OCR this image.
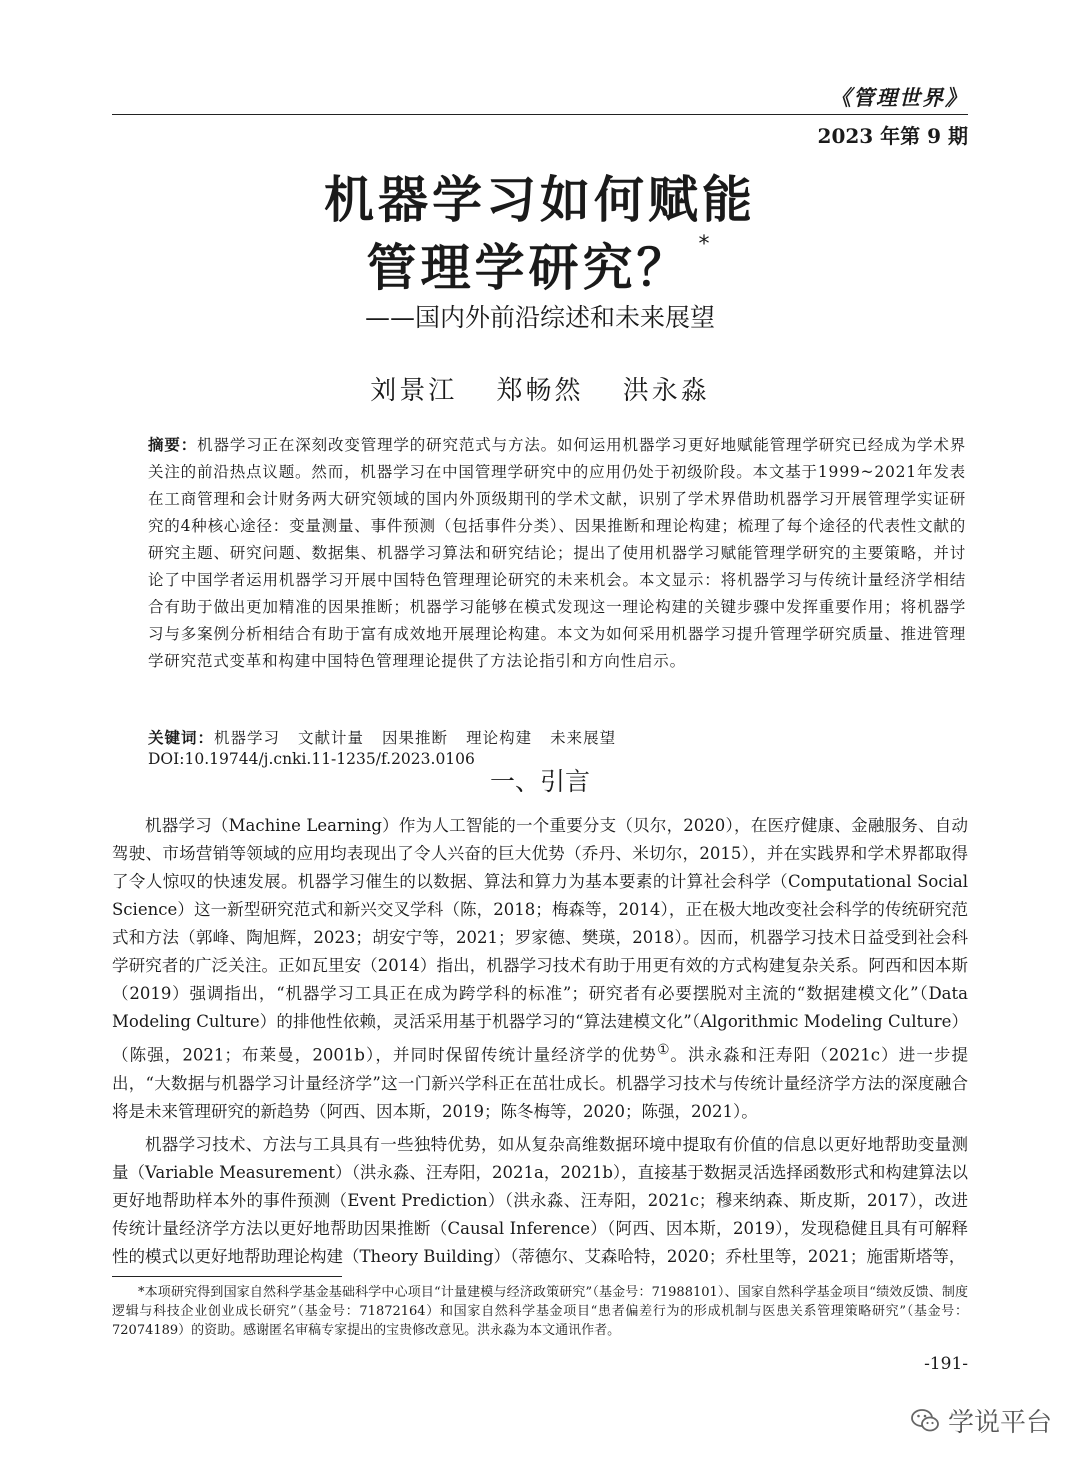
《管理世界》
2023 年第 9 期
机器学习如何赋能
管理学研究？ *
——国内外前沿综述和未来展望
刘景江 郑畅然 洪永淼
摘要：机器学习正在深刻改变管理学的研究范式与方法。如何运用机器学习更好地赋能管理学研究已经成为学术界关注的前沿热点议题。然而，机器学习在中国管理学研究中的应用仍处于初级阶段。本文基于1999~2021年发表在工商管理和会计财务两大研究领域的国内外顶级期刊的学术文献，识别了学术界借助机器学习开展管理学实证研究的4种核心途径：变量测量、事件预测（包括事件分类）、因果推断和理论构建；梳理了每个途径的代表性文献的研究主题、研究问题、数据集、机器学习算法和研究结论；提出了使用机器学习赋能管理学研究的主要策略，并讨论了中国学者运用机器学习开展中国特色管理理论研究的未来机会。本文显示：将机器学习与传统计量经济学相结合有助于做出更加精准的因果推断；机器学习能够在模式发现这一理论构建的关键步骤中发挥重要作用；将机器学习与多案例分析相结合有助于富有成效地开展理论构建。本文为如何采用机器学习提升管理学研究质量、推进管理学研究范式变革和构建中国特色管理理论提供了方法论指引和方向性启示。
关键词：机器学习 文献计量 因果推断 理论构建 未来展望
DOI:10.19744/j.cnki.11-1235/f.2023.0106
一、引言

机器学习（Machine Learning）作为人工智能的一个重要分支（贝尔，2020），在医疗健康、金融服务、自动驾驶、市场营销等领域的应用均表现出了令人兴奋的巨大优势（乔丹、米切尔，2015），并在实践界和学术界都取得了令人惊叹的快速发展。机器学习催生的以数据、算法和算力为基本要素的计算社会科学（Computational Social Science）这一新型研究范式和新兴交叉学科（陈，2018；梅森等，2014），正在极大地改变社会科学的传统研究范式和方法（郭峰、陶旭辉，2023；胡安宁等，2021；罗家德、樊瑛，2018）。因而，机器学习技术日益受到社会科学研究者的广泛关注。正如瓦里安（2014）指出，机器学习技术有助于用更有效的方式构建复杂关系。阿西和因本斯（2019）强调指出，“机器学习工具正在成为跨学科的标准”；研究者有必要摆脱对主流的“数据建模文化”（Data Modeling Culture）的排他性依赖，灵活采用基于机器学习的“算法建模文化”（Algorithmic Modeling Culture）（陈强，2021；布莱曼，2001b），并同时保留传统计量经济学的优势①。洪永淼和汪寿阳（2021c）进一步提出，“大数据与机器学习计量经济学”这一门新兴学科正在茁壮成长。机器学习技术与传统计量经济学方法的深度融合将是未来管理研究的新趋势（阿西、因本斯，2019；陈冬梅等，2020；陈强，2021）。

机器学习技术、方法与工具具有一些独特优势，如从复杂高维数据环境中提取有价值的信息以更好地帮助变量测量（Variable Measurement）（洪永淼、汪寿阳，2021a，2021b），直接基于数据灵活选择函数形式和构建算法以更好地帮助样本外的事件预测（Event Prediction）（洪永淼、汪寿阳，2021c；穆来纳森、斯皮斯，2017），改进传统计量经济学方法以更好地帮助因果推断（Causal Inference）（阿西、因本斯，2019），发现稳健且具有可解释性的模式以更好地帮助理论构建（Theory Building）（蒂德尔、艾森哈特，2020；乔杜里等，2021；施雷斯塔等，

*本项研究得到国家自然科学基金基础科学中心项目“计量建模与经济政策研究”（基金号：71988101）、国家自然科学基金项目“绩效反馈、制度逻辑与科技企业创业成长研究”（基金号：71872164）和国家自然科学基金项目“患者偏差行为的形成机制与医患关系管理策略研究”（基金号：72074189）的资助。感谢匿名审稿专家提出的宝贵修改意见。洪永淼为本文通讯作者。
-191-
学说平台
